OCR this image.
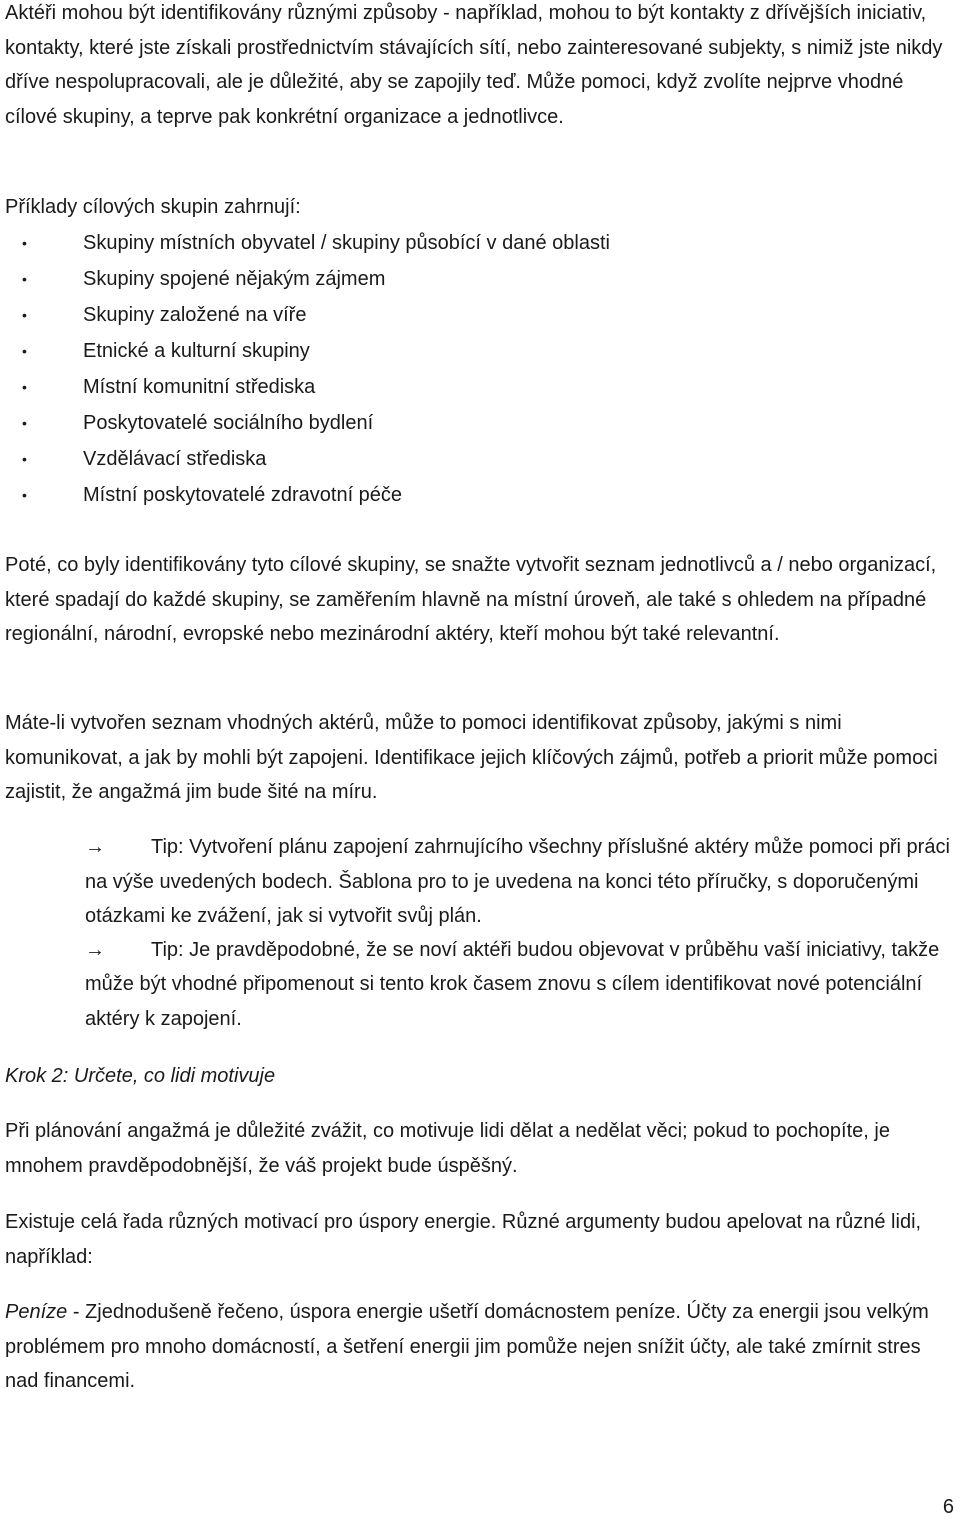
Aktéři mohou být identifikovány různými způsoby - například, mohou to být kontakty z dřívějších iniciativ, kontakty, které jste získali prostřednictvím stávajících sítí, nebo zainteresované subjekty, s nimiž jste nikdy dříve nespolupracovali, ale je důležité, aby se zapojily teď. Může pomoci, když zvolíte nejprve vhodné cílové skupiny, a teprve pak konkrétní organizace a jednotlivce.

Příklady cílových skupin zahrnují:

•	Skupiny místních obyvatel / skupiny působící v dané oblasti
•	Skupiny spojené nějakým zájmem
•	Skupiny založené na víře
•	Etnické a kulturní skupiny
•	Místní komunitní střediska
•	Poskytovatelé sociálního bydlení
•	Vzdělávací střediska
•	Místní poskytovatelé zdravotní péče

Poté, co byly identifikovány tyto cílové skupiny, se snažte vytvořit seznam jednotlivců a / nebo organizací, které spadají do každé skupiny, se zaměřením hlavně na místní úroveň, ale také s ohledem na případné regionální, národní, evropské nebo mezinárodní aktéry, kteří mohou být také relevantní.

Máte-li vytvořen seznam vhodných aktérů, může to pomoci identifikovat způsoby, jakými s nimi komunikovat, a jak by mohli být zapojeni. Identifikace jejich klíčových zájmů, potřeb a priorit může pomoci zajistit, že angažmá jim bude šité na míru.

→ Tip: Vytvoření plánu zapojení zahrnujícího všechny příslušné aktéry může pomoci při práci na výše uvedených bodech. Šablona pro to je uvedena na konci této příručky, s doporučenými otázkami ke zvážení, jak si vytvořit svůj plán.

→ Tip: Je pravděpodobné, že se noví aktéři budou objevovat v průběhu vaší iniciativy, takže může být vhodné připomenout si tento krok časem znovu s cílem identifikovat nové potenciální aktéry k zapojení.

Krok 2: Určete, co lidi motivuje

Při plánování angažmá je důležité zvážit, co motivuje lidi dělat a nedělat věci; pokud to pochopíte, je mnohem pravděpodobnější, že váš projekt bude úspěšný.

Existuje celá řada různých motivací pro úspory energie. Různé argumenty budou apelovat na různé lidi, například:

Peníze - Zjednodušeně řečeno, úspora energie ušetří domácnostem peníze. Účty za energii jsou velkým problémem pro mnoho domácností, a šetření energii jim pomůže nejen snížit účty, ale také zmírnit stres nad financemi.

6
